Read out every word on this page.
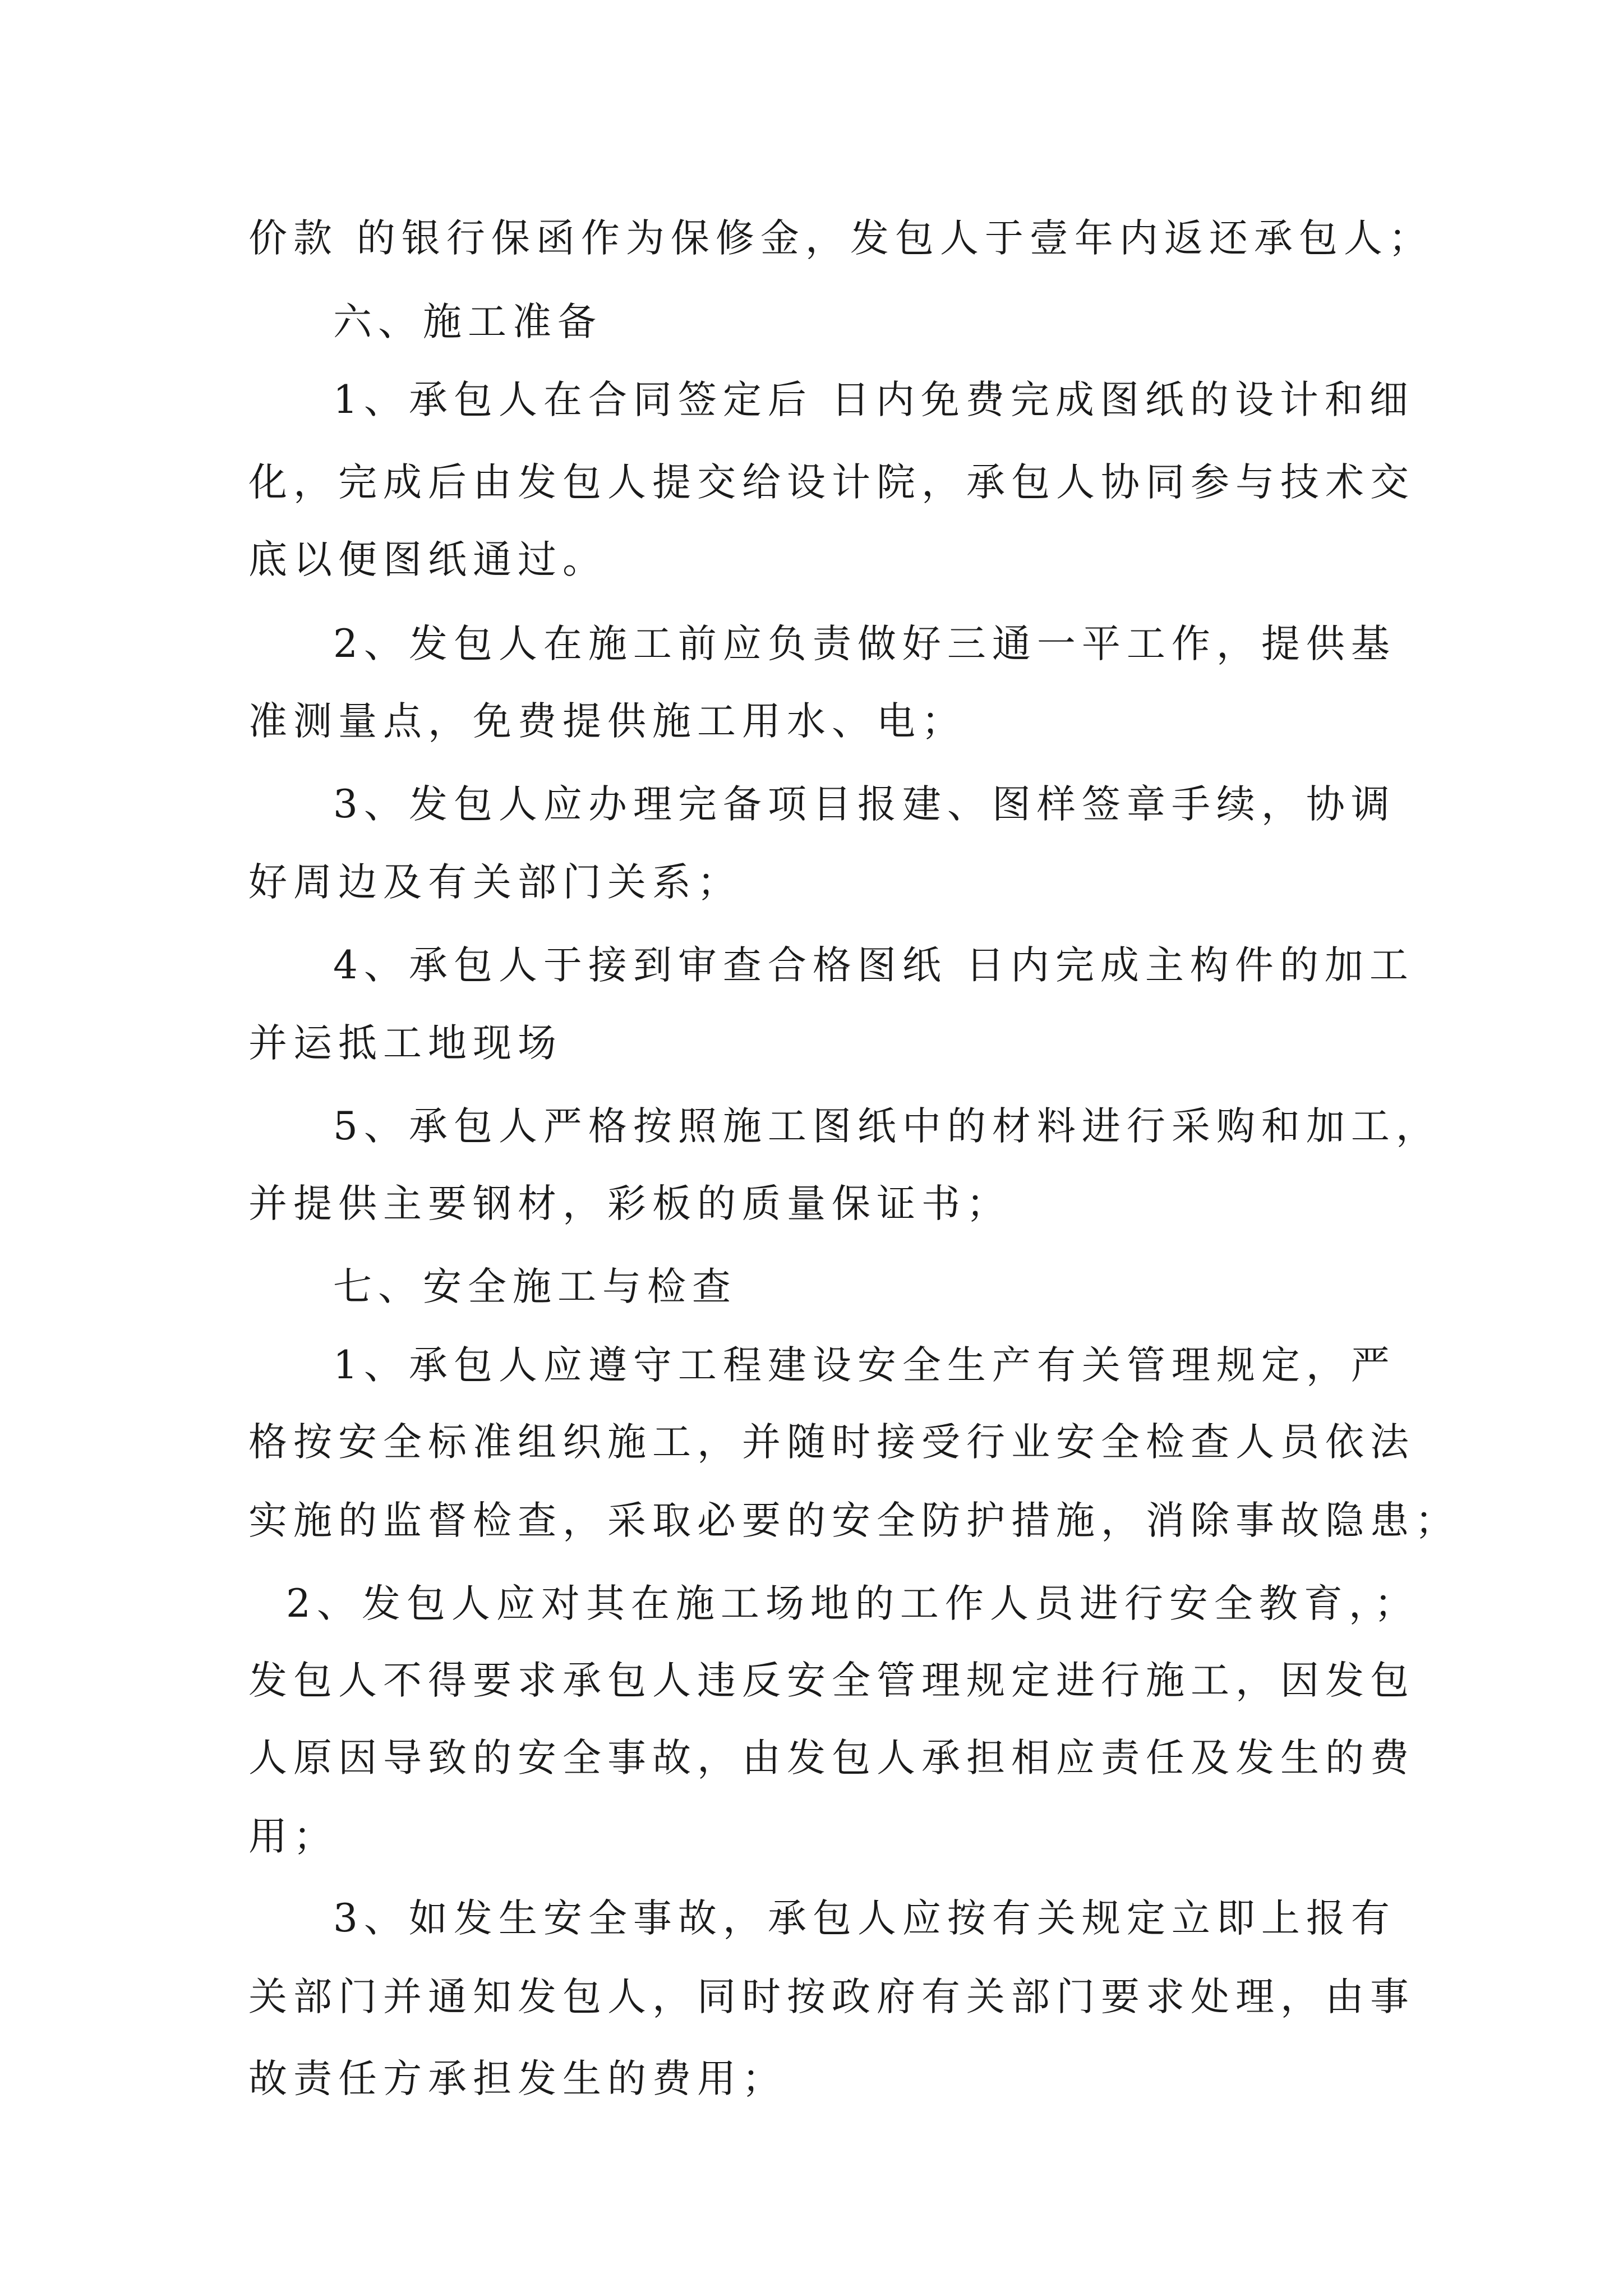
价款 的银行保函作为保修金，发包人于壹年内返还承包人；
六、施工准备
1、承包人在合同签定后 日内免费完成图纸的设计和细
化，完成后由发包人提交给设计院，承包人协同参与技术交
底以便图纸通过。
2、发包人在施工前应负责做好三通一平工作，提供基
准测量点，免费提供施工用水、电；
3、发包人应办理完备项目报建、图样签章手续，协调
好周边及有关部门关系；
4、承包人于接到审查合格图纸 日内完成主构件的加工
并运抵工地现场
5、承包人严格按照施工图纸中的材料进行采购和加工，
并提供主要钢材，彩板的质量保证书；
七、安全施工与检查
1、承包人应遵守工程建设安全生产有关管理规定，严
格按安全标准组织施工，并随时接受行业安全检查人员依法
实施的监督检查，采取必要的安全防护措施，消除事故隐患；
2、发包人应对其在施工场地的工作人员进行安全教育，；
发包人不得要求承包人违反安全管理规定进行施工，因发包
人原因导致的安全事故，由发包人承担相应责任及发生的费
用；
3、如发生安全事故，承包人应按有关规定立即上报有
关部门并通知发包人，同时按政府有关部门要求处理，由事
故责任方承担发生的费用；
